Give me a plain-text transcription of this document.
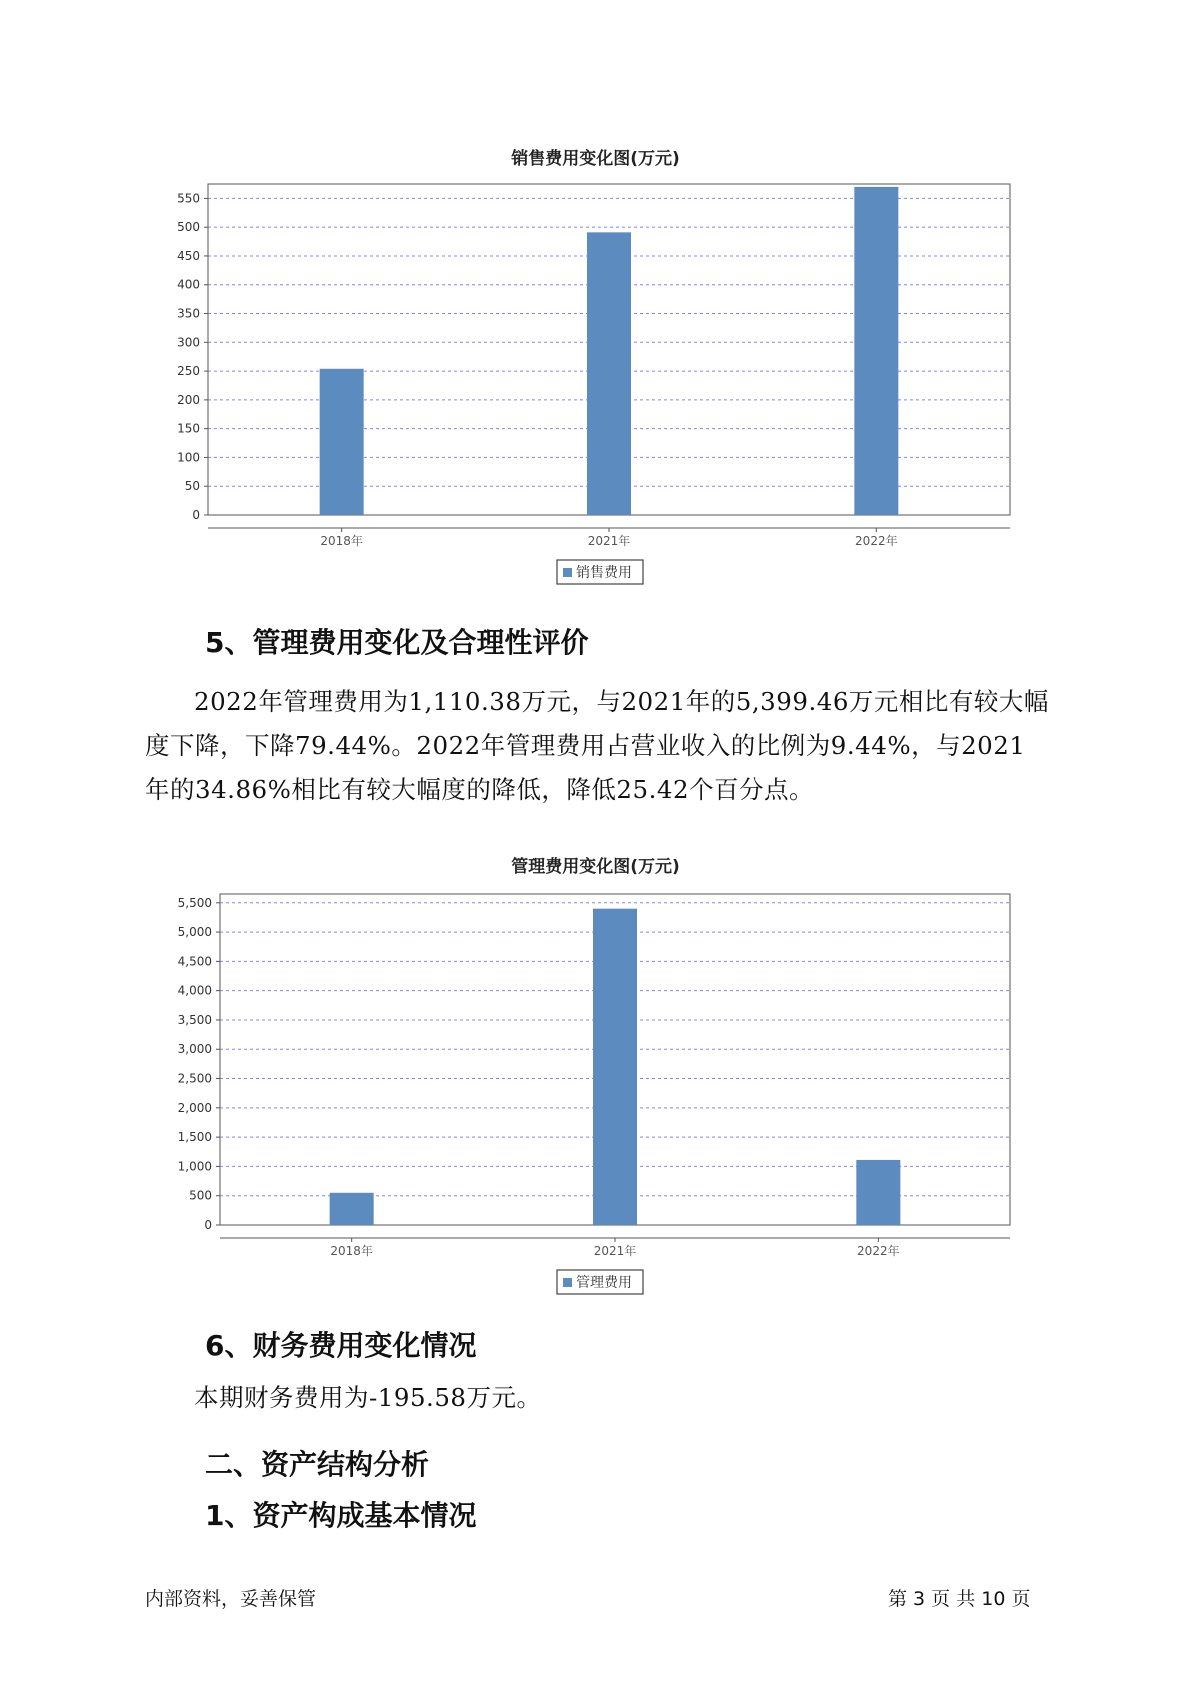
销售费用变化图(万元)
0
50
100
150
200
250
300
350
400
450
500
550
2018年	2021年	2022年
销售费用
5、管理费用变化及合理性评价
2022年管理费用为1,110.38万元，与2021年的5,399.46万元相比有较大幅度下降，下降79.44%。2022年管理费用占营业收入的比例为9.44%，与2021年的34.86%相比有较大幅度的降低，降低25.42个百分点。
管理费用变化图(万元)
0
500
1,000
1,500
2,000
2,500
3,000
3,500
4,000
4,500
5,000
5,500
2018年	2021年	2022年
管理费用
6、财务费用变化情况
本期财务费用为-195.58万元。
二、资产结构分析
1、资产构成基本情况
内部资料，妥善保管	第 3 页 共 10 页
